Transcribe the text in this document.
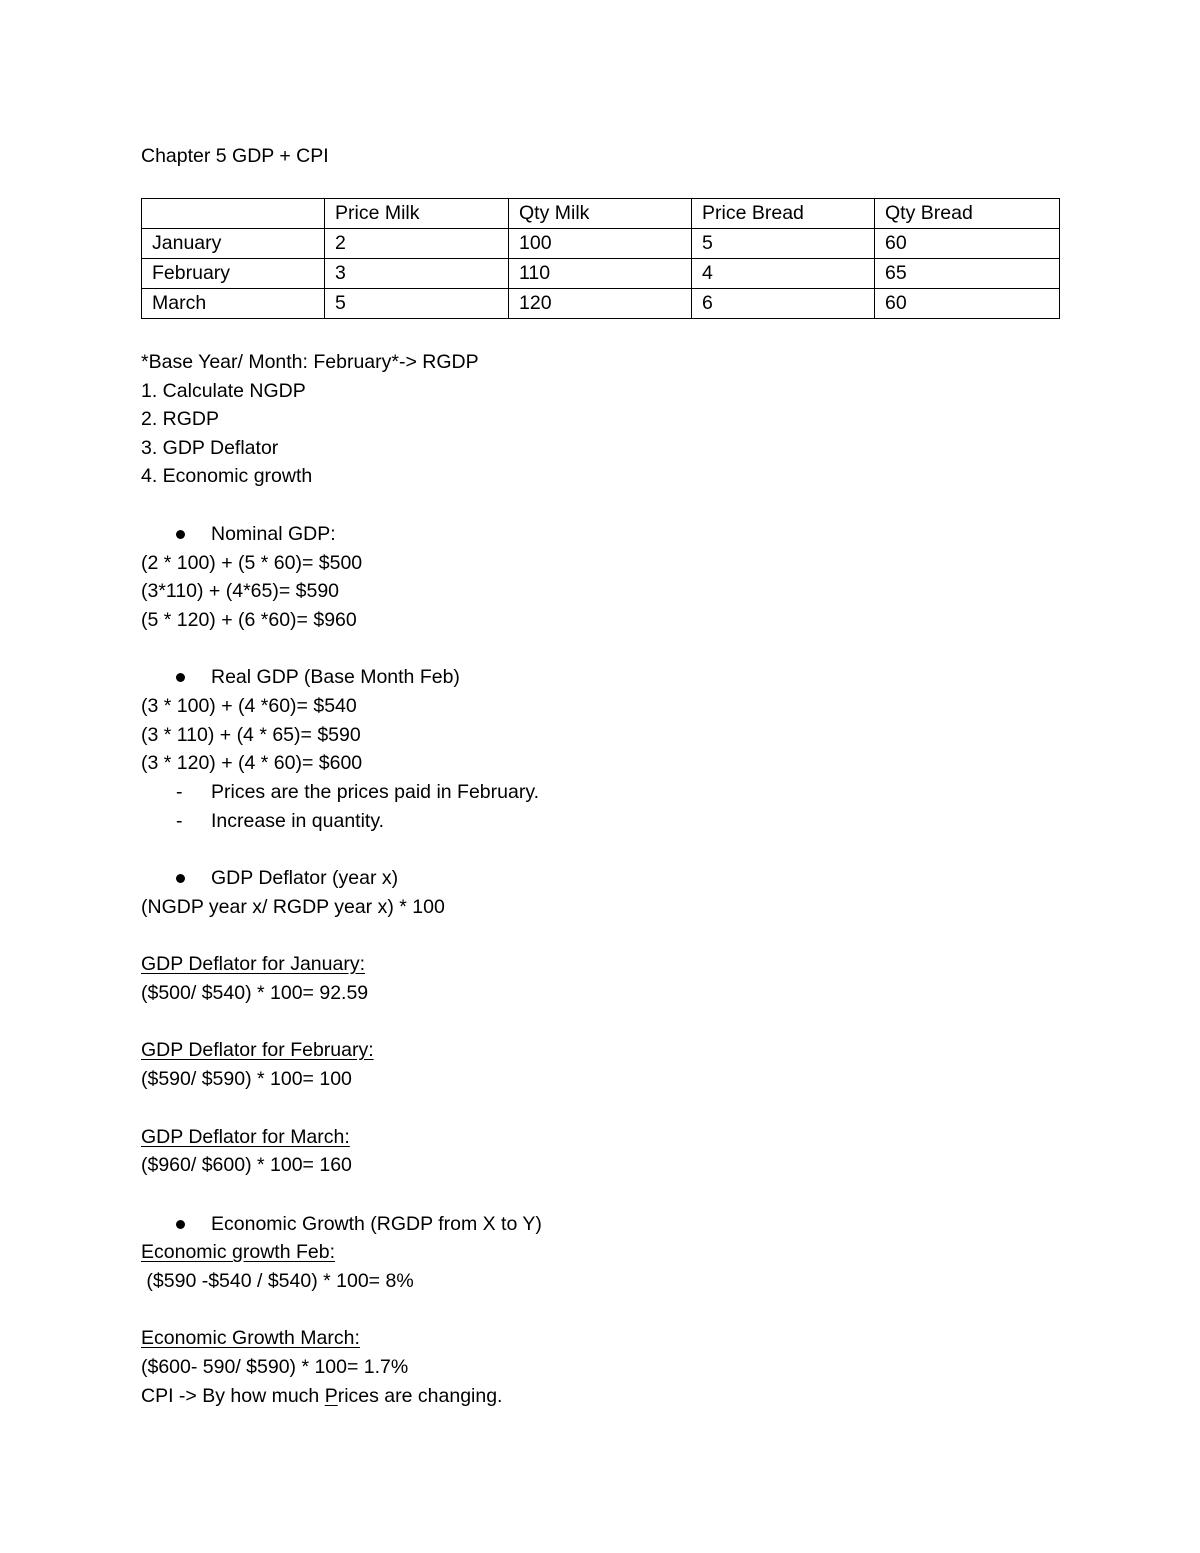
Chapter 5 GDP + CPI
	Price Milk	Qty Milk	Price Bread	Qty Bread
January	2	100	5	60
February	3	110	4	65
March	5	120	6	60
*Base Year/ Month: February*-> RGDP
1. Calculate NGDP
2. RGDP
3. GDP Deflator
4. Economic growth
Nominal GDP:
(2 * 100) + (5 * 60)= $500
(3*110) + (4*65)= $590
(5 * 120) + (6 *60)= $960
Real GDP (Base Month Feb)
(3 * 100) + (4 *60)= $540
(3 * 110) + (4 * 65)= $590
(3 * 120) + (4 * 60)= $600
- Prices are the prices paid in February.
- Increase in quantity.
GDP Deflator (year x)
(NGDP year x/ RGDP year x) * 100
GDP Deflator for January:
($500/ $540) * 100= 92.59
GDP Deflator for February:
($590/ $590) * 100= 100
GDP Deflator for March:
($960/ $600) * 100= 160
Economic Growth (RGDP from X to Y)
Economic growth Feb:
($590 -$540 / $540) * 100= 8%
Economic Growth March:
($600- 590/ $590) * 100= 1.7%
CPI -> By how much Prices are changing.
